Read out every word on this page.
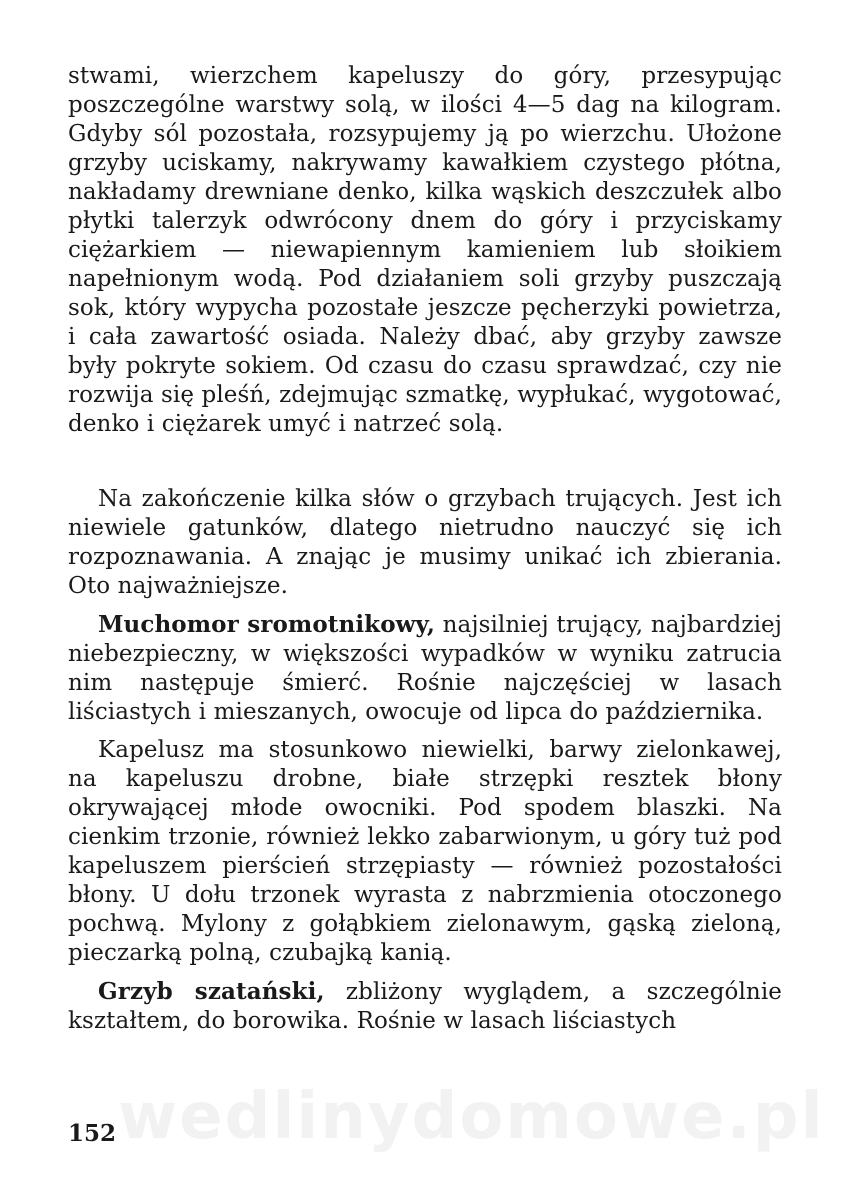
stwami, wierzchem kapeluszy do góry, przesypując poszczególne warstwy solą, w ilości 4—5 dag na kilogram. Gdyby sól pozostała, rozsypujemy ją po wierzchu. Ułożone grzyby uciskamy, nakrywamy kawałkiem czystego płótna, nakładamy drewniane denko, kilka wąskich deszczułek albo płytki talerzyk odwrócony dnem do góry i przyciskamy ciężarkiem — niewapiennym kamieniem lub słoikiem napełnionym wodą. Pod działaniem soli grzyby puszczają sok, który wypycha pozostałe jeszcze pęcherzyki powietrza, i cała zawartość osiada. Należy dbać, aby grzyby zawsze były pokryte sokiem. Od czasu do czasu sprawdzać, czy nie rozwija się pleśń, zdejmując szmatkę, wypłukać, wygotować, denko i ciężarek umyć i natrzeć solą.

Na zakończenie kilka słów o grzybach trujących. Jest ich niewiele gatunków, dlatego nietrudno nauczyć się ich rozpoznawania. A znając je musimy unikać ich zbierania. Oto najważniejsze.

Muchomor sromotnikowy, najsilniej trujący, najbardziej niebezpieczny, w większości wypadków w wyniku zatrucia nim następuje śmierć. Rośnie najczęściej w lasach liściastych i mieszanych, owocuje od lipca do października.

Kapelusz ma stosunkowo niewielki, barwy zielonkawej, na kapeluszu drobne, białe strzępki resztek błony okrywającej młode owocniki. Pod spodem blaszki. Na cienkim trzonie, również lekko zabarwionym, u góry tuż pod kapeluszem pierścień strzępiasty — również pozostałości błony. U dołu trzonek wyrasta z nabrzmienia otoczonego pochwą. Mylony z gołąbkiem zielonawym, gąską zieloną, pieczarką polną, czubajką kanią.

Grzyb szatański, zbliżony wyglądem, a szczególnie kształtem, do borowika. Rośnie w lasach liściastych

wedlinydomowe.pl
152
